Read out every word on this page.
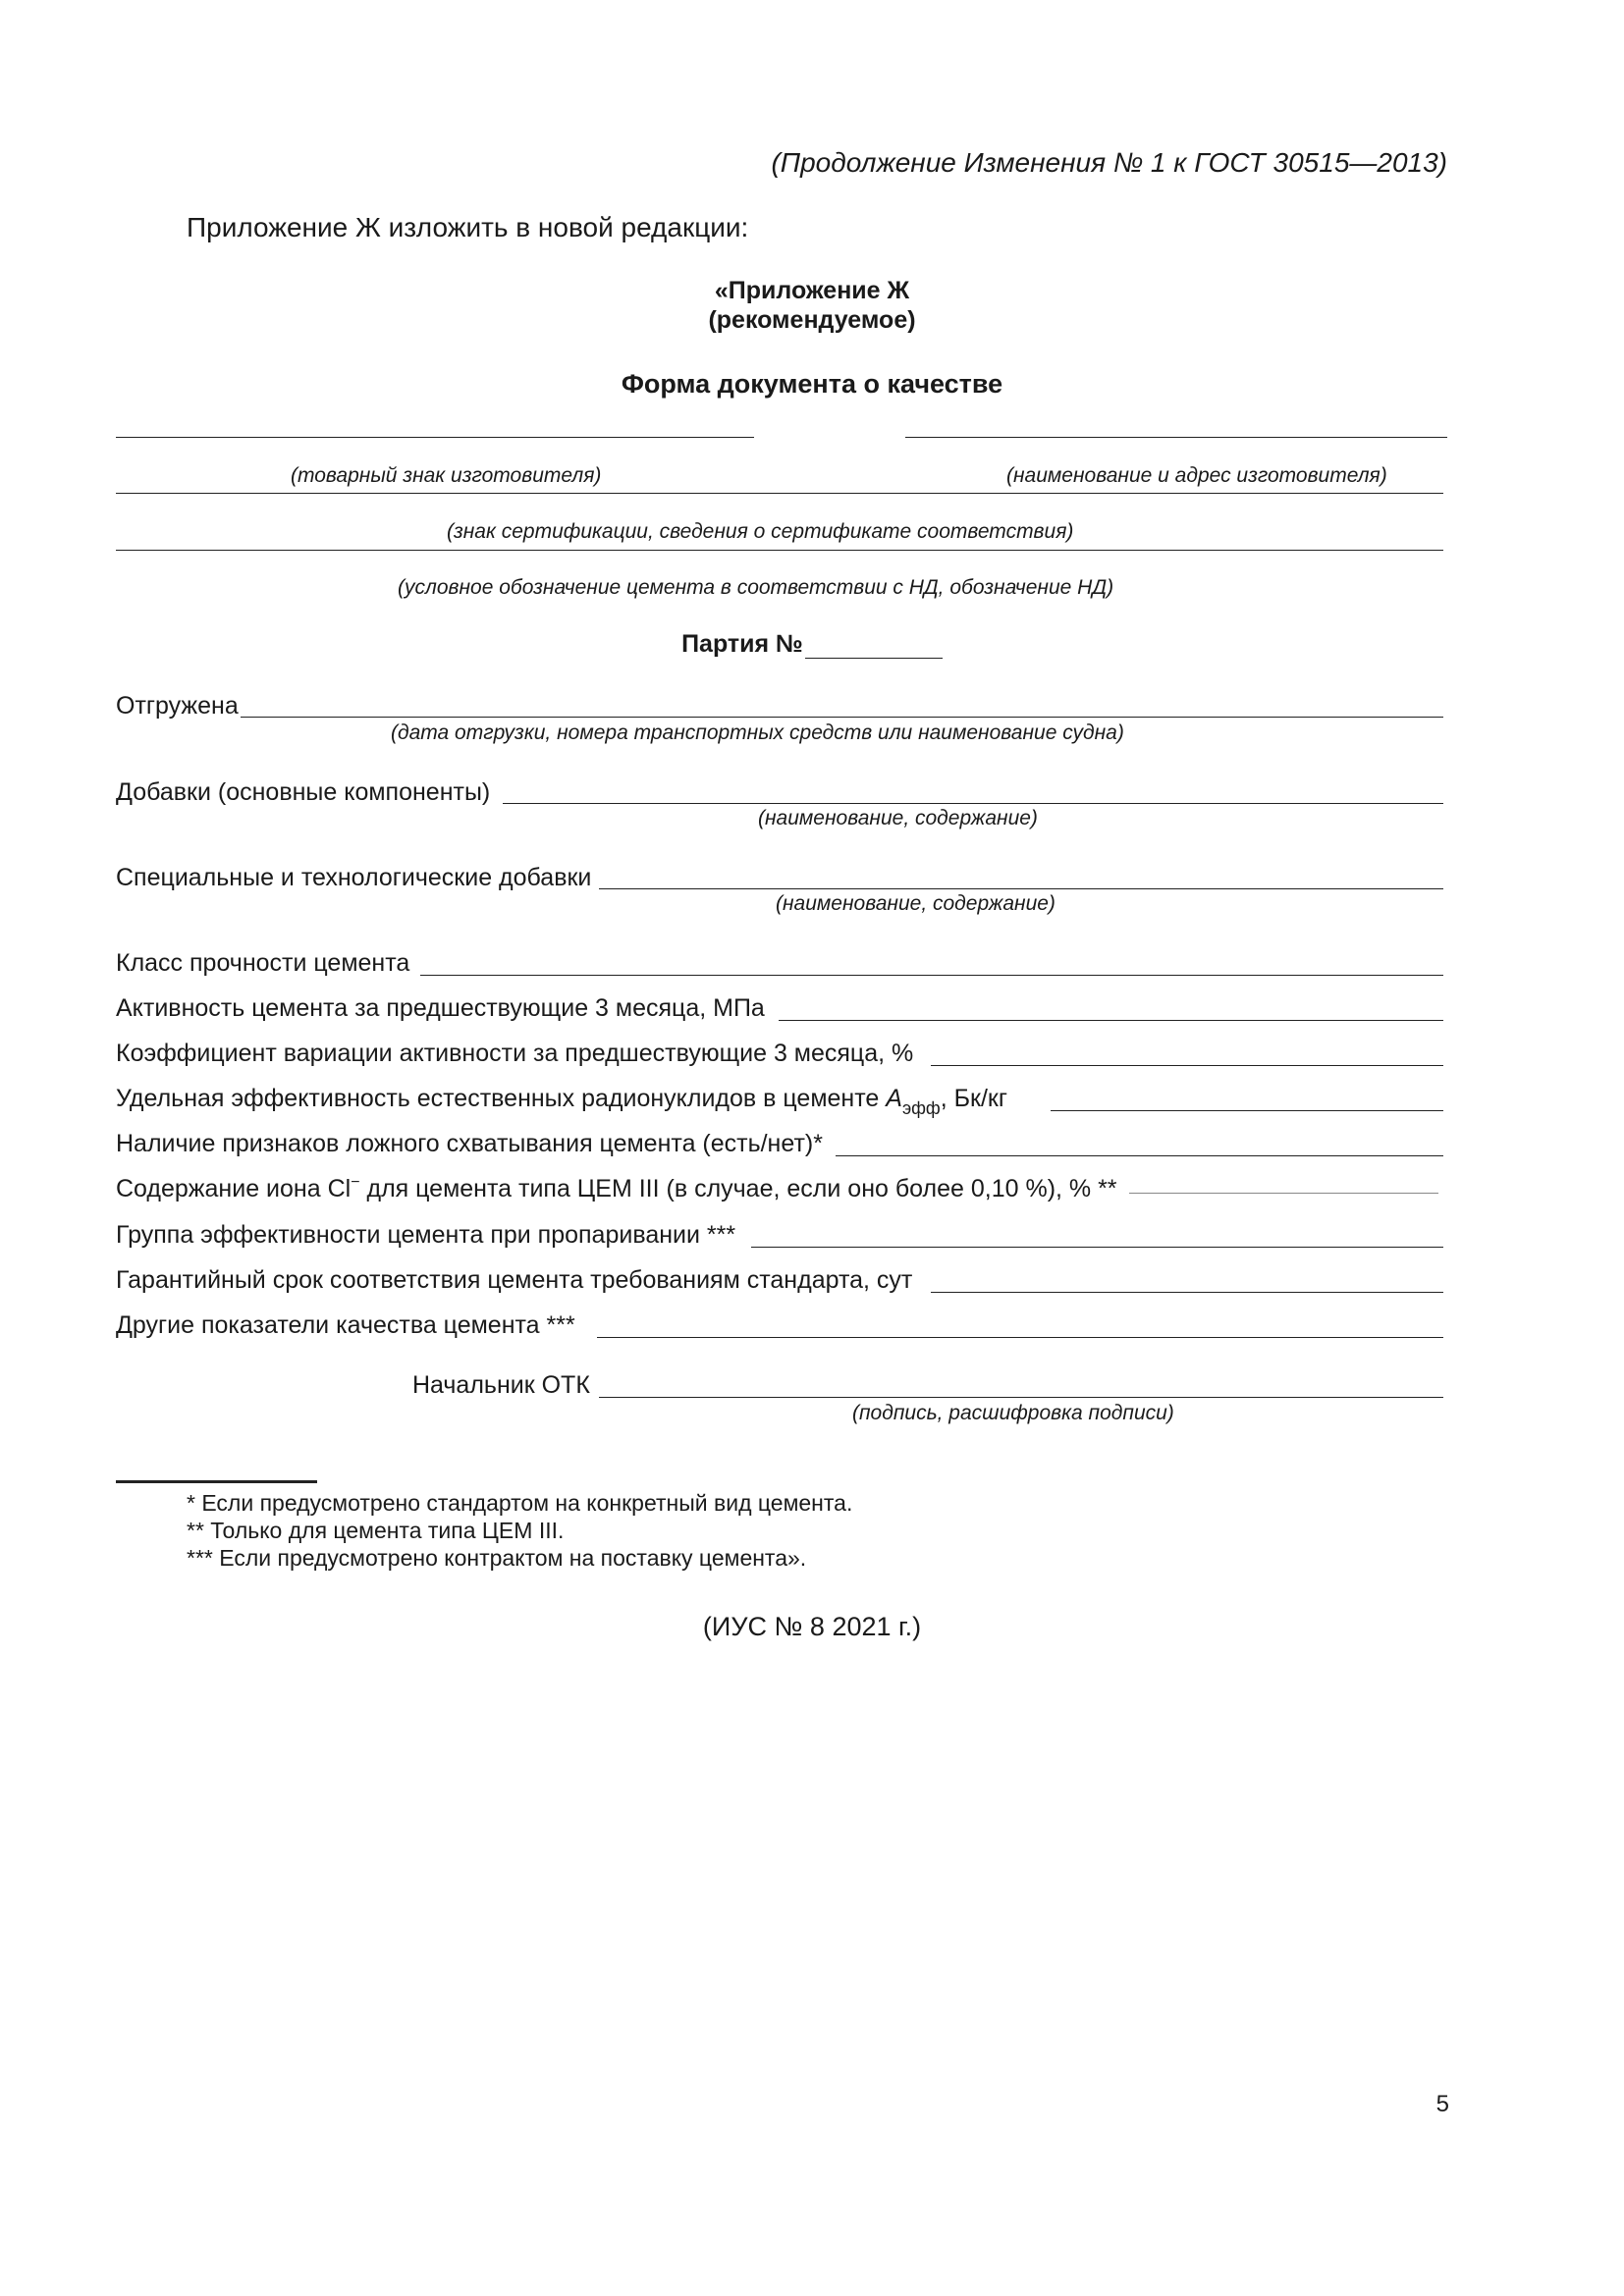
(Продолжение Изменения № 1 к ГОСТ 30515—2013)
Приложение Ж изложить в новой редакции:
«Приложение Ж
(рекомендуемое)
Форма документа о качестве
(товарный знак изготовителя)	(наименование и адрес изготовителя)
(знак сертификации, сведения о сертификате соответствия)
(условное обозначение цемента в соответствии с НД, обозначение НД)
Партия №
Отгружена
(дата отгрузки, номера транспортных средств или наименование судна)
Добавки (основные компоненты)
(наименование, содержание)
Специальные и технологические добавки
(наименование, содержание)
Класс прочности цемента
Активность цемента за предшествующие 3 месяца, МПа
Коэффициент вариации активности за предшествующие 3 месяца, %
Удельная эффективность естественных радионуклидов в цементе $A_{эфф}$, Бк/кг
Наличие признаков ложного схватывания цемента (есть/нет)*
Содержание иона Cl− для цемента типа ЦЕМ III (в случае, если оно более 0,10 %), % **
Группа эффективности цемента при пропаривании ***
Гарантийный срок соответствия цемента требованиям стандарта, сут
Другие показатели качества цемента ***
Начальник ОТК
(подпись, расшифровка подписи)
* Если предусмотрено стандартом на конкретный вид цемента.
** Только для цемента типа ЦЕМ III.
*** Если предусмотрено контрактом на поставку цемента».
(ИУС № 8 2021 г.)
5
